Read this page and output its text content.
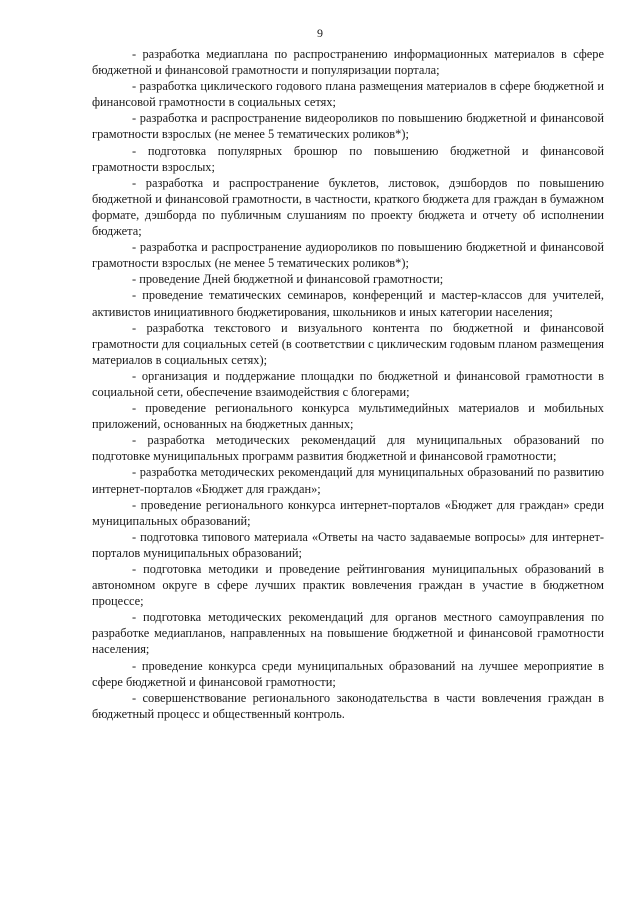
9

- разработка медиаплана по распространению информационных материалов в сфере бюджетной и финансовой грамотности и популяризации портала;

- разработка циклического годового плана размещения материалов в сфере бюджетной и финансовой грамотности в социальных сетях;

- разработка и распространение видеороликов по повышению бюджетной и финансовой грамотности взрослых (не менее 5 тематических роликов*);

- подготовка популярных брошюр по повышению бюджетной и финансовой грамотности взрослых;

- разработка и распространение буклетов, листовок, дэшбордов по повышению бюджетной и финансовой грамотности, в частности, краткого бюджета для граждан в бумажном формате, дэшборда по публичным слушаниям по проекту бюджета и отчету об исполнении бюджета;

- разработка и распространение аудиороликов по повышению бюджетной и финансовой грамотности взрослых (не менее 5 тематических роликов*);

- проведение Дней бюджетной и финансовой грамотности;

- проведение тематических семинаров, конференций и мастер-классов для учителей, активистов инициативного бюджетирования, школьников и иных категории населения;

- разработка текстового и визуального контента по бюджетной и финансовой грамотности для социальных сетей (в соответствии с циклическим годовым планом размещения материалов в социальных сетях);

- организация и поддержание площадки по бюджетной и финансовой грамотности в социальной сети, обеспечение взаимодействия с блогерами;

- проведение регионального конкурса мультимедийных материалов и мобильных приложений, основанных на бюджетных данных;

- разработка методических рекомендаций для муниципальных образований по подготовке муниципальных программ развития бюджетной и финансовой грамотности;

- разработка методических рекомендаций для муниципальных образований по развитию интернет-порталов «Бюджет для граждан»;

- проведение регионального конкурса интернет-порталов «Бюджет для граждан» среди муниципальных образований;

- подготовка типового материала «Ответы на часто задаваемые вопросы» для интернет-порталов муниципальных образований;

- подготовка методики и проведение рейтингования муниципальных образований в автономном округе в сфере лучших практик вовлечения граждан в участие в бюджетном процессе;

- подготовка методических рекомендаций для органов местного самоуправления по разработке медиапланов, направленных на повышение бюджетной и финансовой грамотности населения;

- проведение конкурса среди муниципальных образований на лучшее мероприятие в сфере бюджетной и финансовой грамотности;

- совершенствование регионального законодательства в части вовлечения граждан в бюджетный процесс и общественный контроль.
